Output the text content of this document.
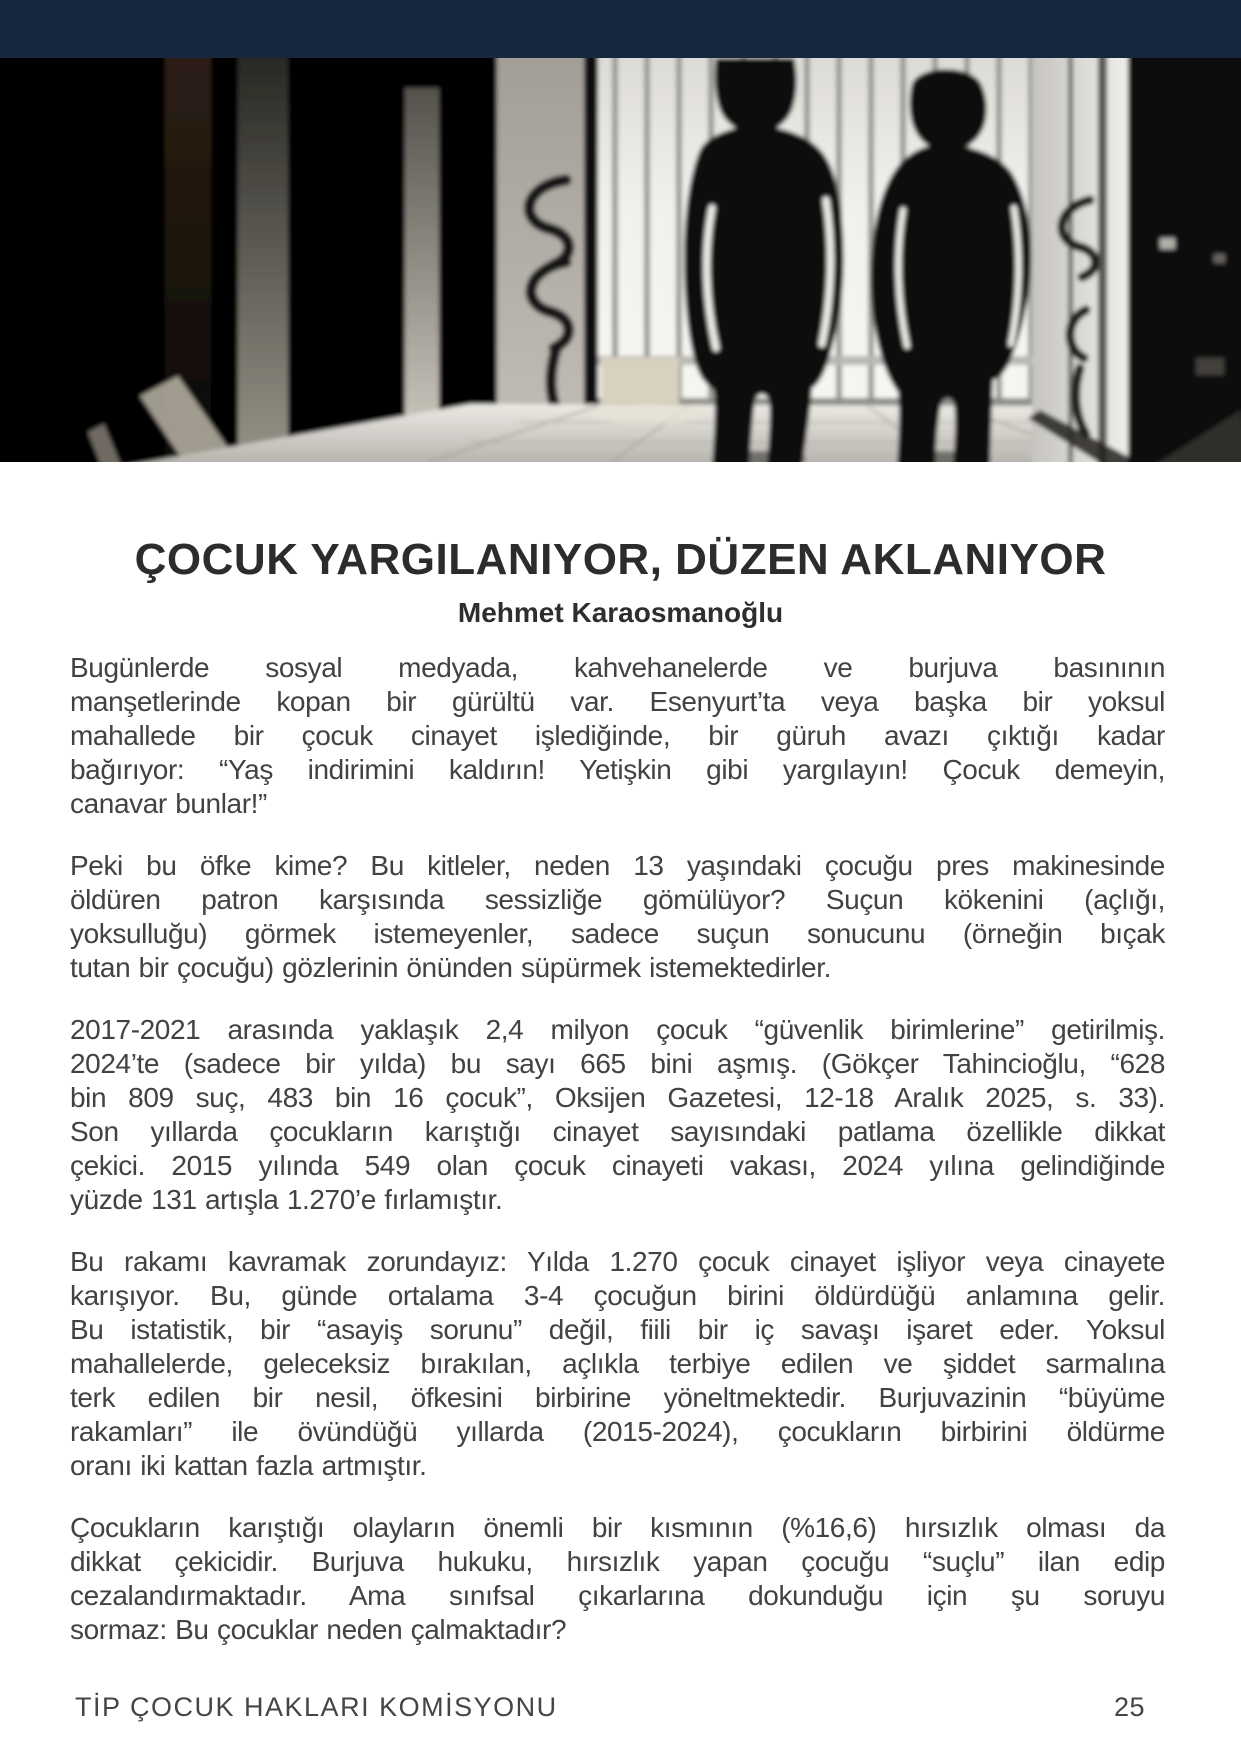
ÇOCUK YARGILANIYOR, DÜZEN AKLANIYOR
Mehmet Karaosmanoğlu
Bugünlerde sosyal medyada, kahvehanelerde ve burjuva basınının
manşetlerinde kopan bir gürültü var. Esenyurt’ta veya başka bir yoksul
mahallede bir çocuk cinayet işlediğinde, bir güruh avazı çıktığı kadar
bağırıyor: “Yaş indirimini kaldırın! Yetişkin gibi yargılayın! Çocuk demeyin,
canavar bunlar!”
Peki bu öfke kime? Bu kitleler, neden 13 yaşındaki çocuğu pres makinesinde
öldüren patron karşısında sessizliğe gömülüyor? Suçun kökenini (açlığı,
yoksulluğu) görmek istemeyenler, sadece suçun sonucunu (örneğin bıçak
tutan bir çocuğu) gözlerinin önünden süpürmek istemektedirler.
2017-2021 arasında yaklaşık 2,4 milyon çocuk “güvenlik birimlerine” getirilmiş.
2024’te (sadece bir yılda) bu sayı 665 bini aşmış. (Gökçer Tahincioğlu, “628
bin 809 suç, 483 bin 16 çocuk”, Oksijen Gazetesi, 12-18 Aralık 2025, s. 33).
Son yıllarda çocukların karıştığı cinayet sayısındaki patlama özellikle dikkat
çekici. 2015 yılında 549 olan çocuk cinayeti vakası, 2024 yılına gelindiğinde
yüzde 131 artışla 1.270’e fırlamıştır.
Bu rakamı kavramak zorundayız: Yılda 1.270 çocuk cinayet işliyor veya cinayete
karışıyor. Bu, günde ortalama 3-4 çocuğun birini öldürdüğü anlamına gelir.
Bu istatistik, bir “asayiş sorunu” değil, fiili bir iç savaşı işaret eder. Yoksul
mahallelerde, geleceksiz bırakılan, açlıkla terbiye edilen ve şiddet sarmalına
terk edilen bir nesil, öfkesini birbirine yöneltmektedir. Burjuvazinin “büyüme
rakamları” ile övündüğü yıllarda (2015-2024), çocukların birbirini öldürme
oranı iki kattan fazla artmıştır.
Çocukların karıştığı olayların önemli bir kısmının (%16,6) hırsızlık olması da
dikkat çekicidir. Burjuva hukuku, hırsızlık yapan çocuğu “suçlu” ilan edip
cezalandırmaktadır. Ama sınıfsal çıkarlarına dokunduğu için şu soruyu
sormaz: Bu çocuklar neden çalmaktadır?
TİP ÇOCUK HAKLARI KOMİSYONU	25
